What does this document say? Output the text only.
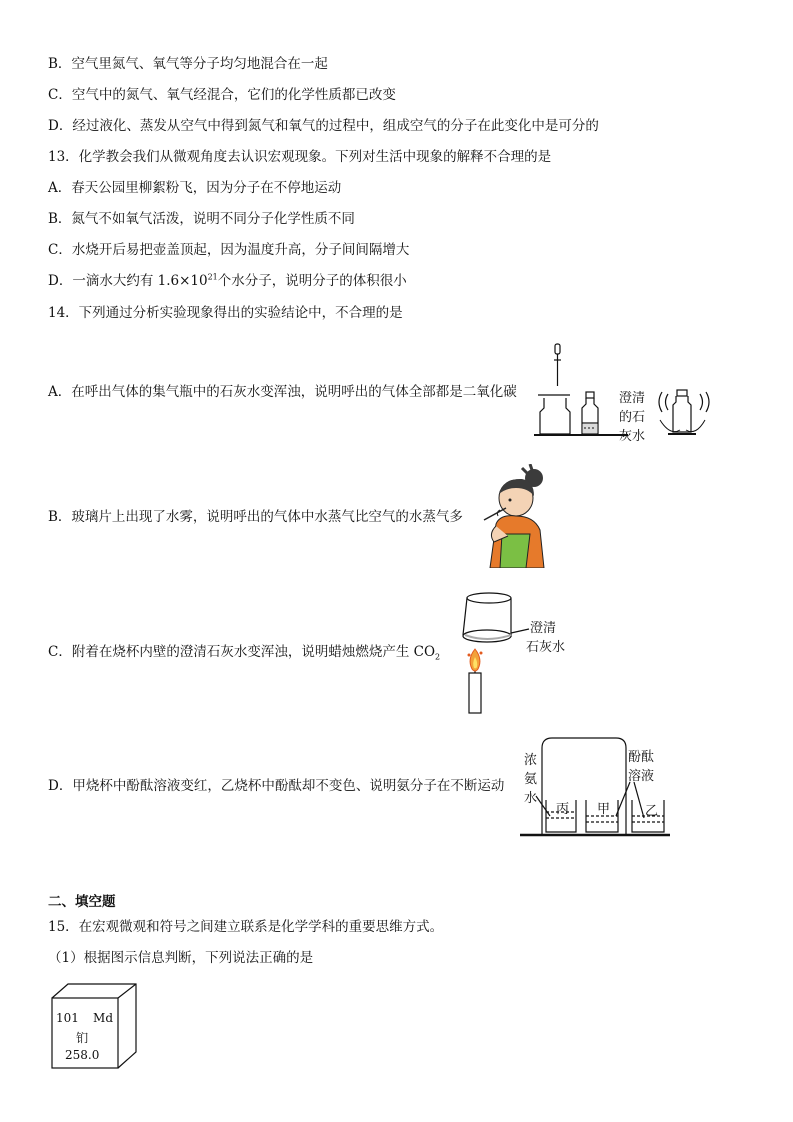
B．空气里氮气、氧气等分子均匀地混合在一起
C．空气中的氮气、氧气经混合，它们的化学性质都已改变
D．经过液化、蒸发从空气中得到氮气和氧气的过程中，组成空气的分子在此变化中是可分的
13．化学教会我们从微观角度去认识宏观现象。下列对生活中现象的解释不合理的是
A．春天公园里柳絮粉飞，因为分子在不停地运动
B．氮气不如氧气活泼，说明不同分子化学性质不同
C．水烧开后易把壶盖顶起，因为温度升高，分子间间隔增大
D．一滴水大约有 $1.6\times 10^{21}$个水分子，说明分子的体积很小
14．下列通过分析实验现象得出的实验结论中，不合理的是
A．在呼出气体的集气瓶中的石灰水变浑浊，说明呼出的气体全部都是二氧化碳	澄清
的石
灰水
B．玻璃片上出现了水雾，说明呼出的气体中水蒸气比空气的水蒸气多
C．附着在烧杯内壁的澄清石灰水变浑浊，说明蜡烛燃烧产生 $CO_2$
澄清
石灰水
D．甲烧杯中酚酞溶液变红，乙烧杯中酚酞却不变色、说明氨分子在不断运动
丙 甲	乙
浓
氨
水
酚酞
溶液
二、填空题
15．在宏观微观和符号之间建立联系是化学学科的重要思维方式。
（1）根据图示信息判断，下列说法正确的是
101 Md
钔
258.0
